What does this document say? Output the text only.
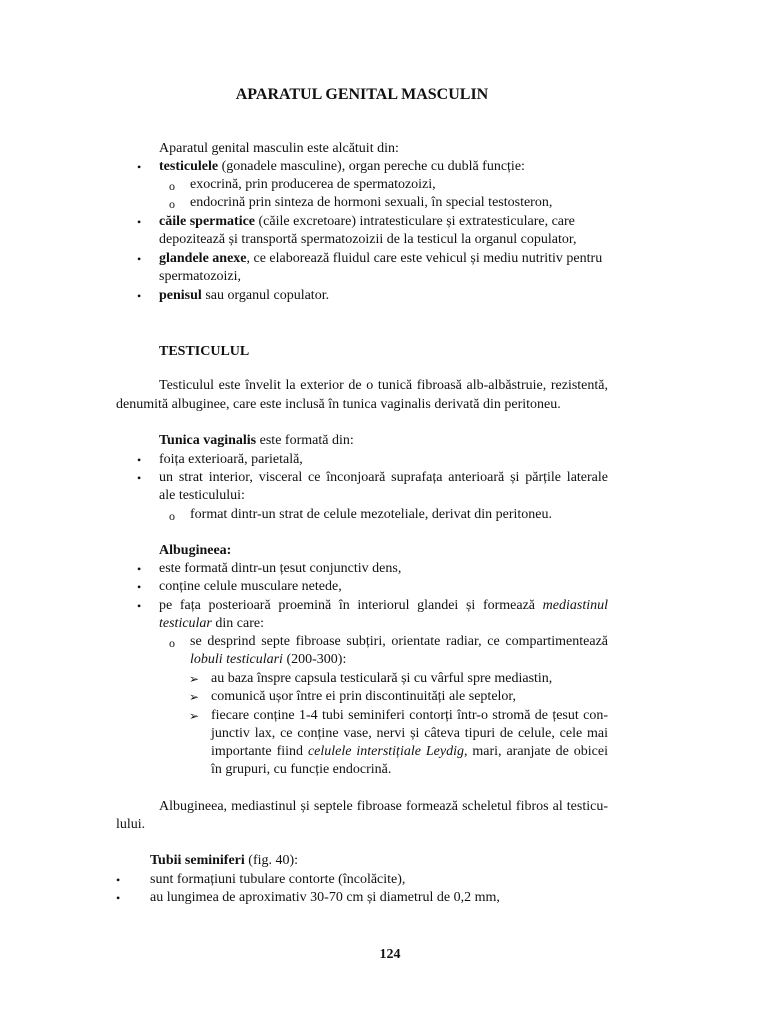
APARATUL GENITAL MASCULIN
Aparatul genital masculin este alcătuit din:
• testiculele (gonadele masculine), organ pereche cu dublă funcție:
o exocrină, prin producerea de spermatozoizi,
o endocrină prin sinteza de hormoni sexuali, în special testosteron,
• căile spermatice (căile excretoare) intratesticulare și extratesticulare, care
depozitează și transportă spermatozoizii de la testicul la organul copulator,
• glandele anexe, ce elaborează fluidul care este vehicul și mediu nutritiv pentru
spermatozoizi,
• penisul sau organul copulator.
TESTICULUL
Testiculul este învelit la exterior de o tunică fibroasă alb-albăstruie, rezistentă,
denumită albuginee, care este inclusă în tunica vaginalis derivată din peritoneu.
Tunica vaginalis este formată din:
• foița exterioară, parietală,
• un strat interior, visceral ce înconjoară suprafața anterioară și părțile laterale
ale testiculului:
o format dintr-un strat de celule mezoteliale, derivat din peritoneu.
Albugineea:
• este formată dintr-un țesut conjunctiv dens,
• conține celule musculare netede,
• pe fața posterioară proemină în interiorul glandei și formează mediastinul
testicular din care:
o se desprind septe fibroase subțiri, orientate radiar, ce compartimentează
lobuli testiculari (200-300):
➢ au baza înspre capsula testiculară și cu vârful spre mediastin,
➢ comunică ușor între ei prin discontinuități ale septelor,
➢ fiecare conține 1-4 tubi seminiferi contorți într-o stromă de țesut con-
junctiv lax, ce conține vase, nervi și câteva tipuri de celule, cele mai
importante fiind celulele interstițiale Leydig, mari, aranjate de obicei
în grupuri, cu funcție endocrină.
Albugineea, mediastinul și septele fibroase formează scheletul fibros al testicu-
lului.
Tubii seminiferi (fig. 40):
• sunt formațiuni tubulare contorte (încolăcite),
• au lungimea de aproximativ 30-70 cm și diametrul de 0,2 mm,
124
